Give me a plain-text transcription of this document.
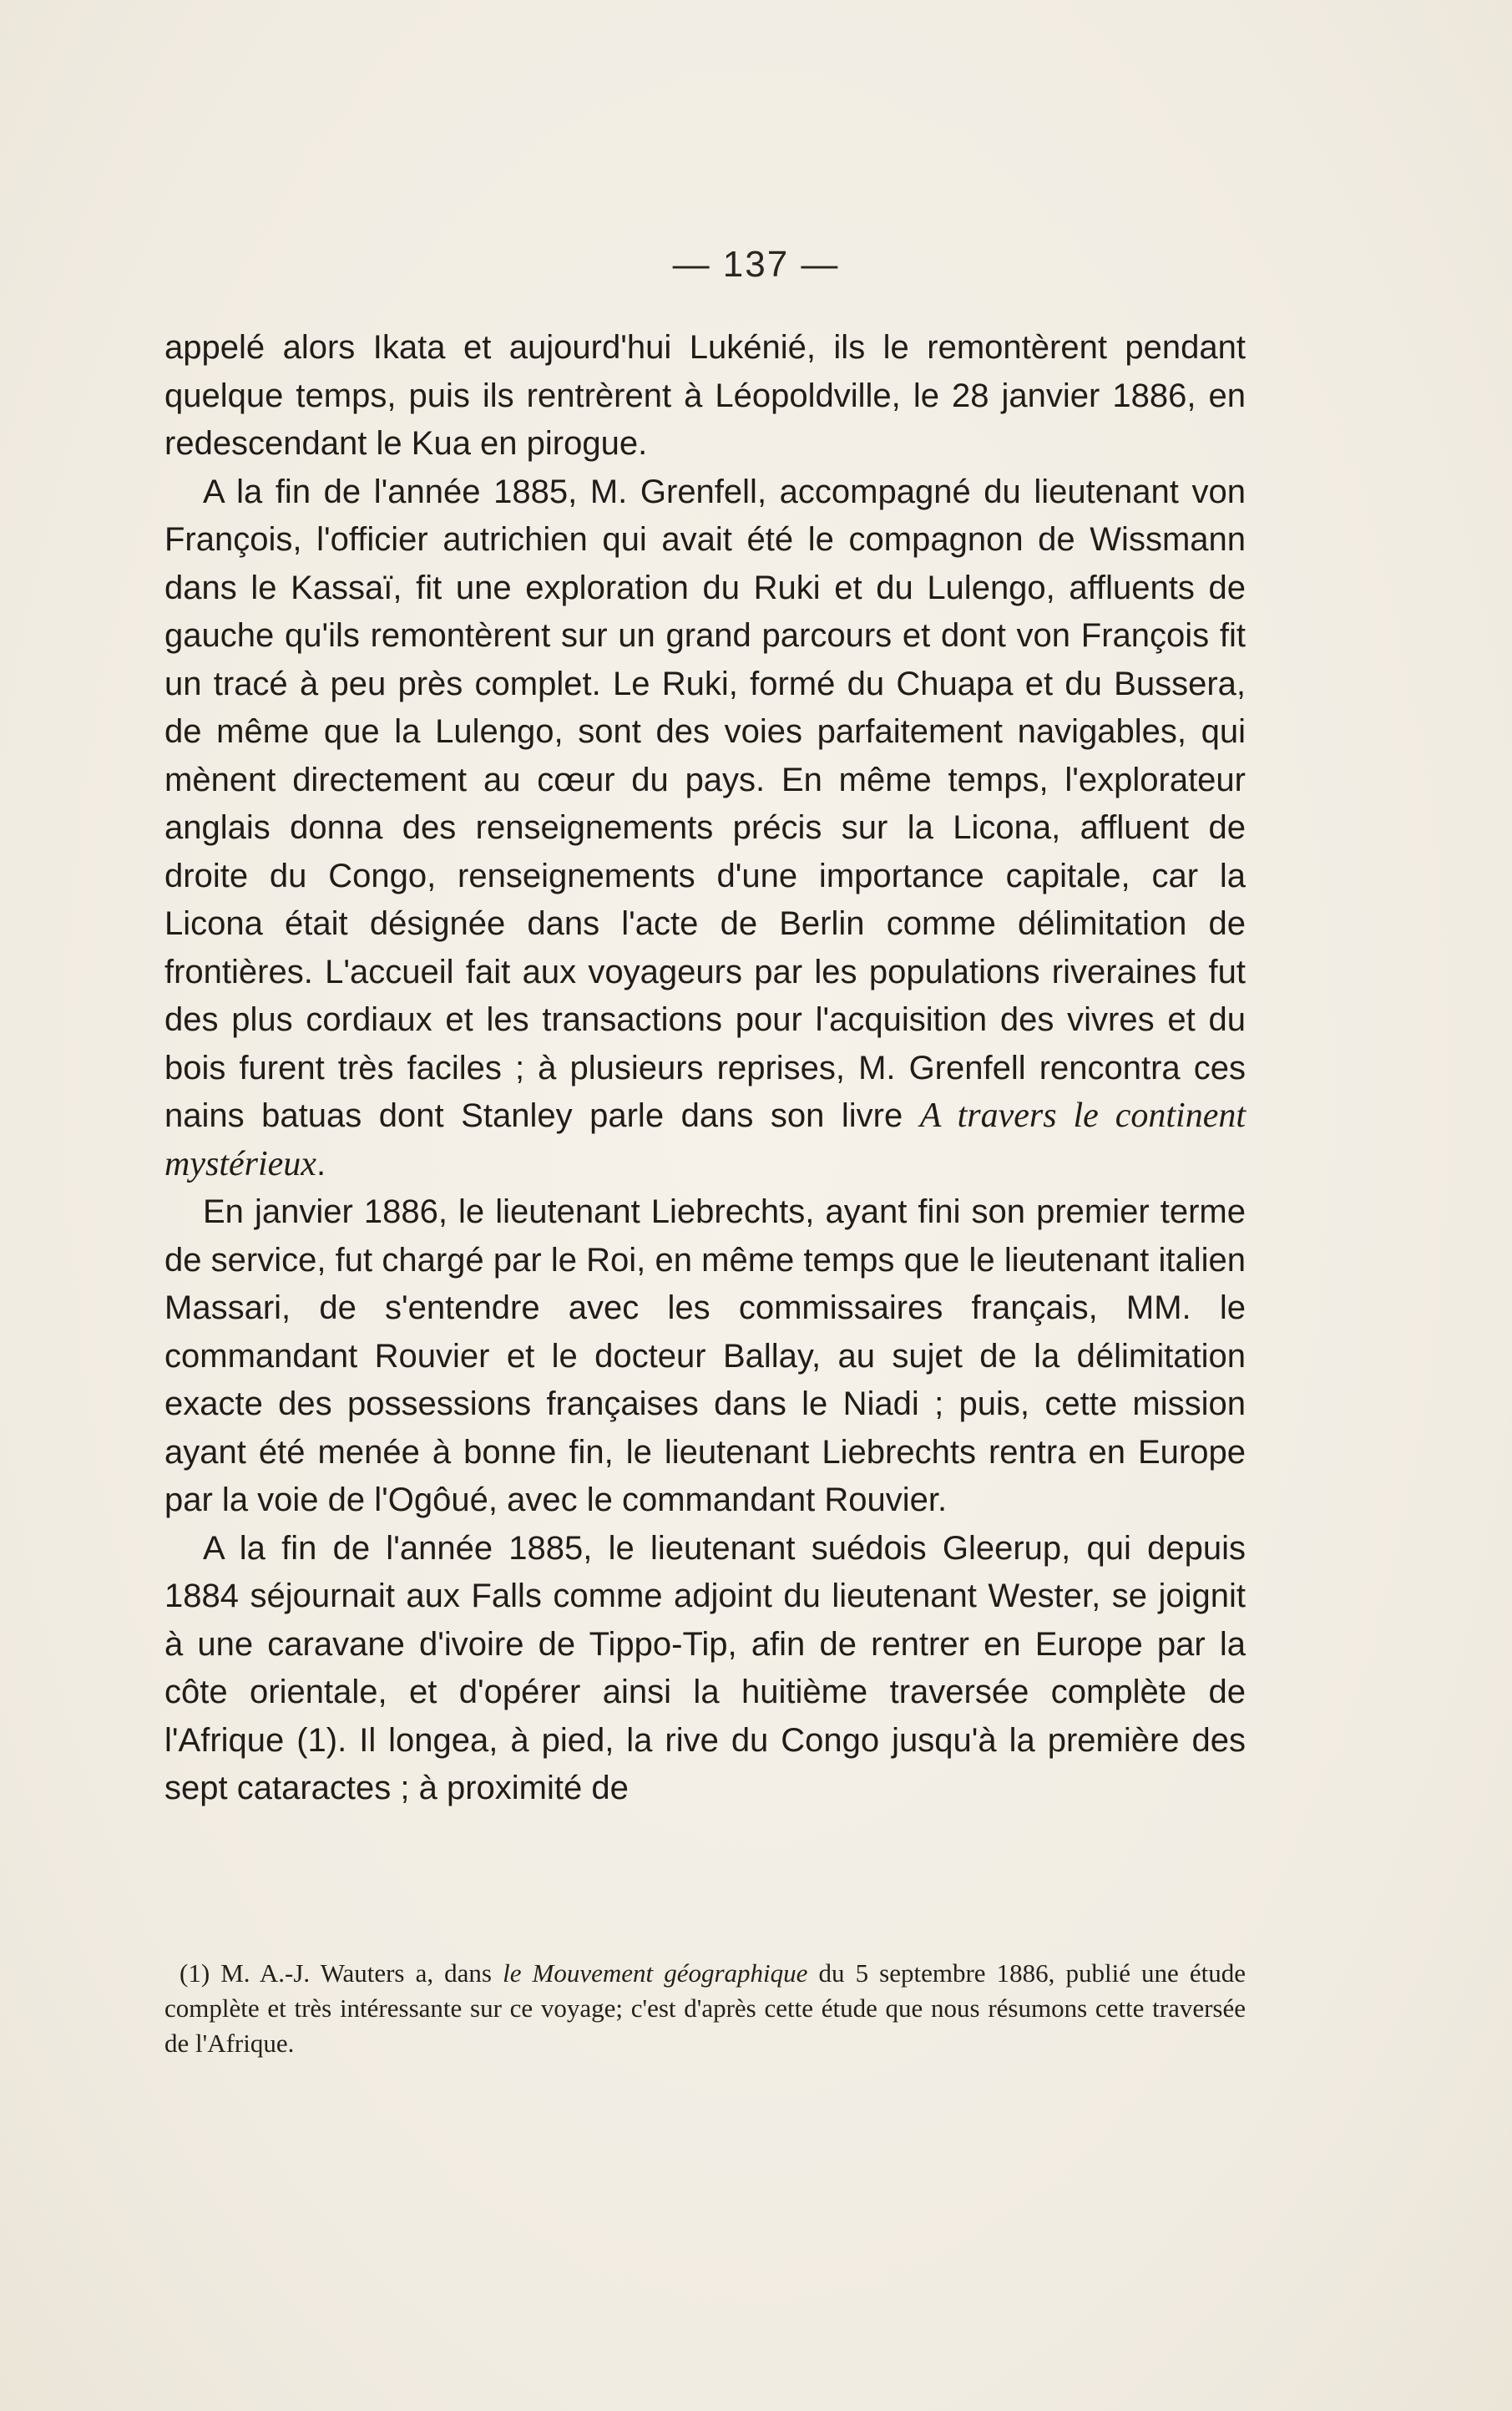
— 137 —

appelé alors Ikata et aujourd'hui Lukénié, ils le remontèrent pendant quelque temps, puis ils rentrèrent à Léopoldville, le 28 janvier 1886, en redescendant le Kua en pirogue.

A la fin de l'année 1885, M. Grenfell, accompagné du lieutenant von François, l'officier autrichien qui avait été le compagnon de Wissmann dans le Kassaï, fit une exploration du Ruki et du Lulengo, affluents de gauche qu'ils remontèrent sur un grand parcours et dont von François fit un tracé à peu près complet. Le Ruki, formé du Chuapa et du Bussera, de même que la Lulengo, sont des voies parfaitement navigables, qui mènent directement au cœur du pays. En même temps, l'explorateur anglais donna des renseignements précis sur la Licona, affluent de droite du Congo, renseignements d'une importance capitale, car la Licona était désignée dans l'acte de Berlin comme délimitation de frontières. L'accueil fait aux voyageurs par les populations riveraines fut des plus cordiaux et les transactions pour l'acquisition des vivres et du bois furent très faciles ; à plusieurs reprises, M. Grenfell rencontra ces nains batuas dont Stanley parle dans son livre A travers le continent mystérieux.

En janvier 1886, le lieutenant Liebrechts, ayant fini son premier terme de service, fut chargé par le Roi, en même temps que le lieutenant italien Massari, de s'entendre avec les commissaires français, MM. le commandant Rouvier et le docteur Ballay, au sujet de la délimitation exacte des possessions françaises dans le Niadi ; puis, cette mission ayant été menée à bonne fin, le lieutenant Liebrechts rentra en Europe par la voie de l'Ogôué, avec le commandant Rouvier.

A la fin de l'année 1885, le lieutenant suédois Gleerup, qui depuis 1884 séjournait aux Falls comme adjoint du lieutenant Wester, se joignit à une caravane d'ivoire de Tippo-Tip, afin de rentrer en Europe par la côte orientale, et d'opérer ainsi la huitième traversée complète de l'Afrique (1). Il longea, à pied, la rive du Congo jusqu'à la première des sept cataractes ; à proximité de

(1) M. A.-J. Wauters a, dans le Mouvement géographique du 5 septembre 1886, publié une étude complète et très intéressante sur ce voyage; c'est d'après cette étude que nous résumons cette traversée de l'Afrique.
